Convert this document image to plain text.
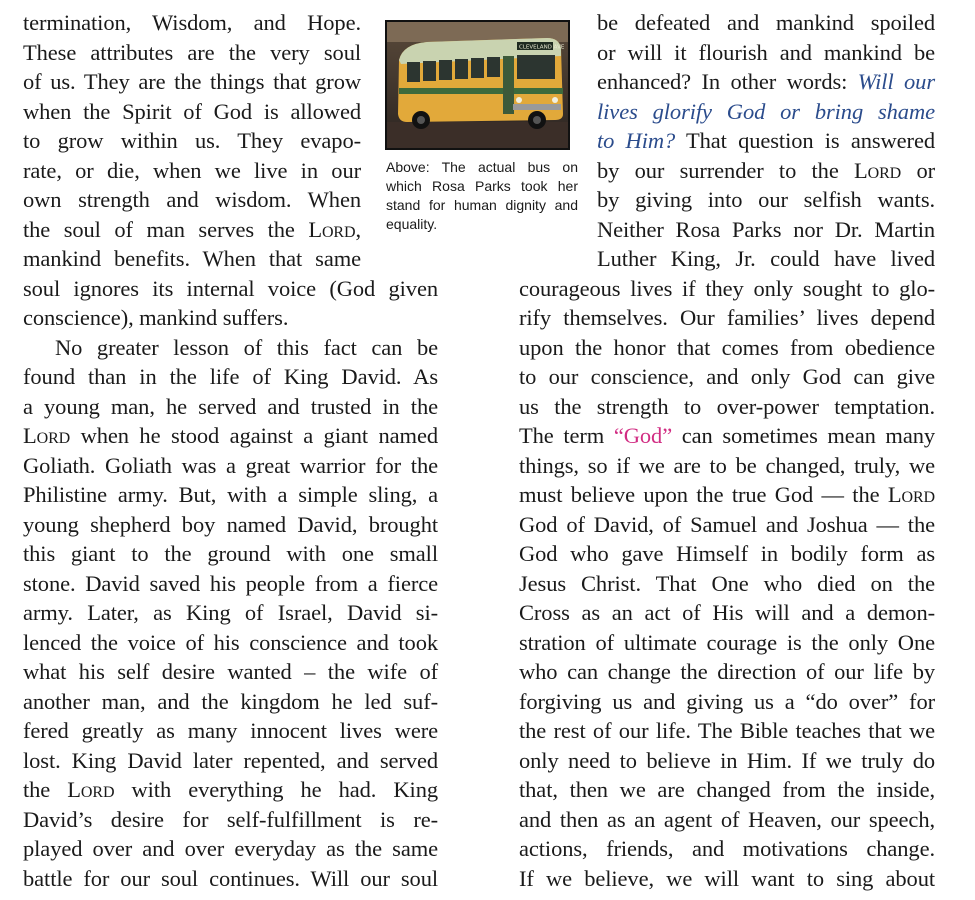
termination, Wisdom, and Hope.
These attributes are the very soul
of us. They are the things that grow
when the Spirit of God is allowed
to grow within us. They evapo-
rate, or die, when we live in our
own strength and wisdom. When
the soul of man serves the Lord,
mankind benefits. When that same
soul ignores its internal voice (God given
conscience), mankind suffers.
No greater lesson of this fact can be
found than in the life of King David. As
a young man, he served and trusted in the
Lord when he stood against a giant named
Goliath. Goliath was a great warrior for the
Philistine army. But, with a simple sling, a
young shepherd boy named David, brought
this giant to the ground with one small
stone. David saved his people from a fierce
army. Later, as King of Israel, David si-
lenced the voice of his conscience and took
what his self desire wanted – the wife of
another man, and the kingdom he led suf-
fered greatly as many innocent lives were
lost. King David later repented, and served
the Lord with everything he had. King
David’s desire for self-fulfillment is re-
played over and over everyday as the same
battle for our soul continues. Will our soul
CLEVELAND AVE
Above: The actual bus on
which Rosa Parks took her
stand for human dignity and
equality.
be defeated and mankind spoiled
or will it flourish and mankind be
enhanced? In other words: Will our
lives glorify God or bring shame
to Him? That question is answered
by our surrender to the Lord or
by giving into our selfish wants.
Neither Rosa Parks nor Dr. Martin
Luther King, Jr. could have lived
courageous lives if they only sought to glo-
rify themselves. Our families’ lives depend
upon the honor that comes from obedience
to our conscience, and only God can give
us the strength to over-power temptation.
The term “God” can sometimes mean many
things, so if we are to be changed, truly, we
must believe upon the true God — the Lord
God of David, of Samuel and Joshua — the
God who gave Himself in bodily form as
Jesus Christ. That One who died on the
Cross as an act of His will and a demon-
stration of ultimate courage is the only One
who can change the direction of our life by
forgiving us and giving us a “do over” for
the rest of our life. The Bible teaches that we
only need to believe in Him. If we truly do
that, then we are changed from the inside,
and then as an agent of Heaven, our speech,
actions, friends, and motivations change.
If we believe, we will want to sing about
